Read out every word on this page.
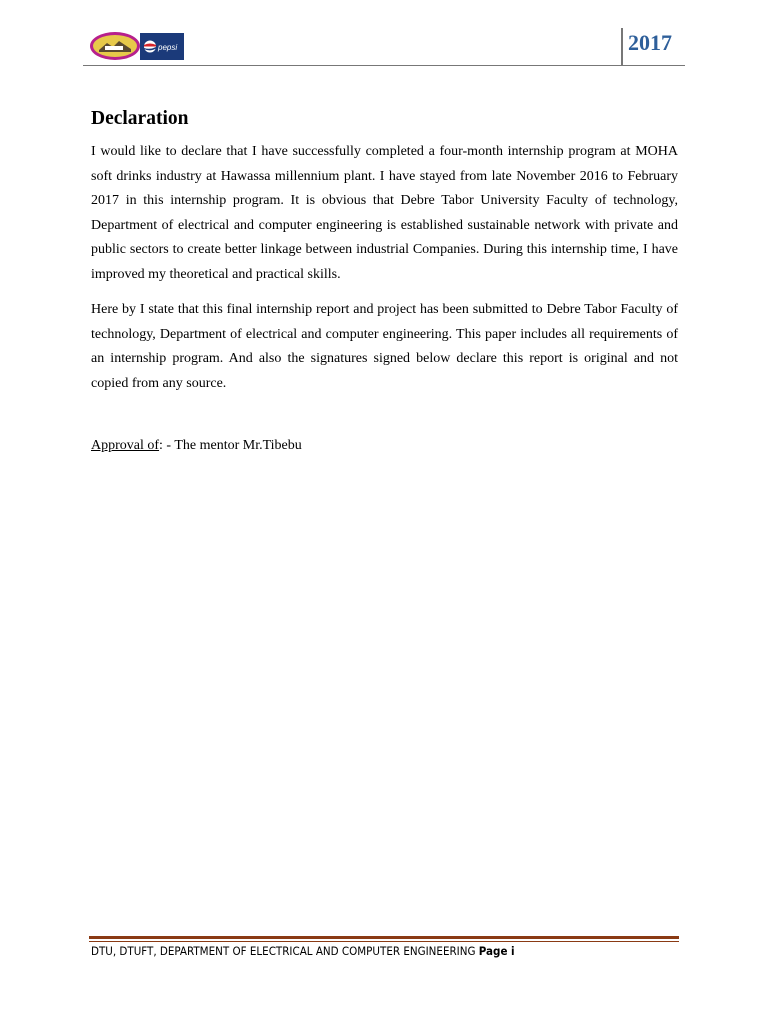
pepsi	2017
Declaration

I would like to declare that I have successfully completed a four-month internship program at MOHA soft drinks industry at Hawassa millennium plant. I have stayed from late November 2016 to February 2017 in this internship program. It is obvious that Debre Tabor University Faculty of technology, Department of electrical and computer engineering is established sustainable network with private and public sectors to create better linkage between industrial Companies. During this internship time, I have improved my theoretical and practical skills.

Here by I state that this final internship report and project has been submitted to Debre Tabor Faculty of technology, Department of electrical and computer engineering. This paper includes all requirements of an internship program. And also the signatures signed below declare this report is original and not copied from any source.

Approval of: - The mentor Mr.Tibebu

DTU, DTUFT, DEPARTMENT OF ELECTRICAL AND COMPUTER ENGINEERING Page i
